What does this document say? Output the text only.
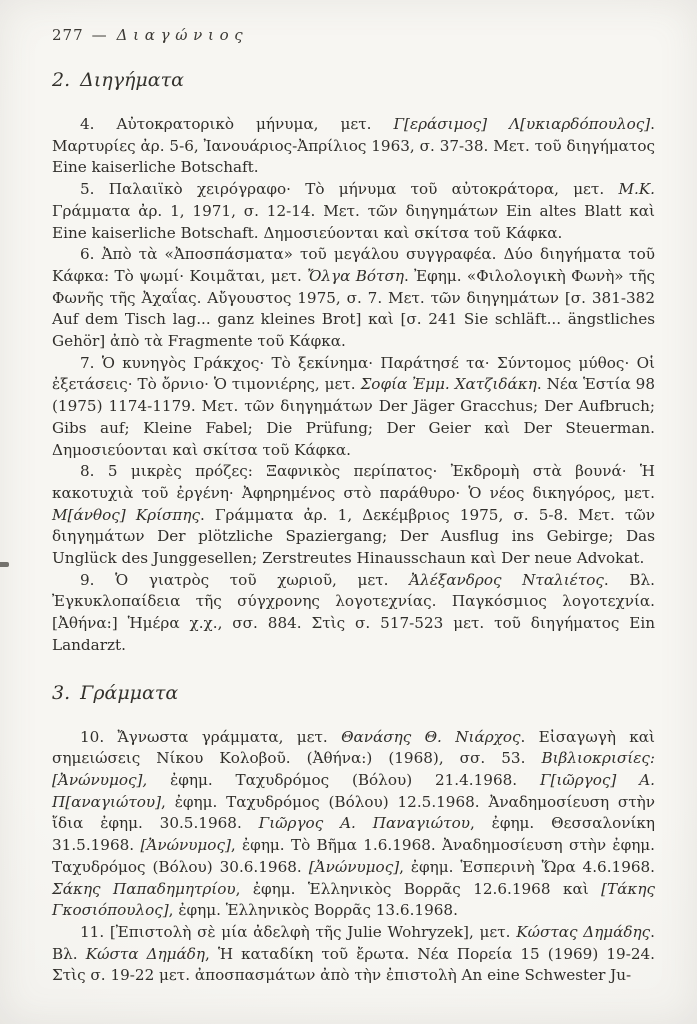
277 — Διαγώνιος

2. Διηγήματα

4. Αὐτοκρατορικὸ μήνυμα, μετ. Γ[εράσιμος] Λ[υκιαρδόπουλος]. Μαρτυρίες ἀρ. 5-6, Ἰανουάριος-Ἀπρίλιος 1963, σ. 37-38. Μετ. τοῦ διηγήματος Eine kaiserliche Botschaft.

5. Παλαιϊκὸ χειρόγραφο· Τὸ μήνυμα τοῦ αὐτοκράτορα, μετ. Μ.Κ. Γράμματα ἀρ. 1, 1971, σ. 12-14. Μετ. τῶν διηγημάτων Ein altes Blatt καὶ Eine kaiserliche Botschaft. Δημοσιεύονται καὶ σκίτσα τοῦ Κάφκα.

6. Ἀπὸ τὰ «Ἀποσπάσματα» τοῦ μεγάλου συγγραφέα. Δύο διηγήματα τοῦ Κάφκα: Τὸ ψωμί· Κοιμᾶται, μετ. Ὄλγα Βότση. Ἐφημ. «Φιλολογικὴ Φωνὴ» τῆς Φωνῆς τῆς Ἀχαΐας. Αὔγουστος 1975, σ. 7. Μετ. τῶν διηγημάτων [σ. 381-382 Auf dem Tisch lag... ganz kleines Brot] καὶ [σ. 241 Sie schläft... ängstliches Gehör] ἀπὸ τὰ Fragmente τοῦ Κάφκα.

7. Ὁ κυνηγὸς Γράκχος· Τὸ ξεκίνημα· Παράτησέ τα· Σύντομος μύθος· Οἱ ἐξετάσεις· Τὸ ὄρνιο· Ὁ τιμονιέρης, μετ. Σοφία Ἐμμ. Χατζιδάκη. Νέα Ἑστία 98 (1975) 1174-1179. Μετ. τῶν διηγημάτων Der Jäger Gracchus; Der Aufbruch; Gibs auf; Kleine Fabel; Die Prüfung; Der Geier καὶ Der Steuerman. Δημοσιεύονται καὶ σκίτσα τοῦ Κάφκα.

8. 5 μικρὲς πρόζες: Ξαφνικὸς περίπατος· Ἐκδρομὴ στὰ βουνά· Ἡ κακοτυχιὰ τοῦ ἐργένη· Ἀφηρημένος στὸ παράθυρο· Ὁ νέος δικηγόρος, μετ. Μ[άνθος] Κρίσπης. Γράμματα ἀρ. 1, Δεκέμβριος 1975, σ. 5-8. Μετ. τῶν διηγημάτων Der plötzliche Spaziergang; Der Ausflug ins Gebirge; Das Unglück des Junggesellen; Zerstreutes Hinausschaun καὶ Der neue Advokat.

9. Ὁ γιατρὸς τοῦ χωριοῦ, μετ. Ἀλέξανδρος Νταλιέτος. Βλ. Ἐγκυκλοπαίδεια τῆς σύγχρονης λογοτεχνίας. Παγκόσμιος λογοτεχνία. [Ἀθήνα:] Ἡμέρα χ.χ., σσ. 884. Στὶς σ. 517-523 μετ. τοῦ διηγήματος Ein Landarzt.

3. Γράμματα

10. Ἄγνωστα γράμματα, μετ. Θανάσης Θ. Νιάρχος. Εἰσαγωγὴ καὶ σημειώσεις Νίκου Κολοβοῦ. (Ἀθήνα:) (1968), σσ. 53. Βιβλιοκρισίες: [Ἀνώνυμος], ἐφημ. Ταχυδρόμος (Βόλου) 21.4.1968. Γ[ιῶργος] Α. Π[αναγιώτου], ἐφημ. Ταχυδρόμος (Βόλου) 12.5.1968. Ἀναδημοσίευση στὴν ἴδια ἐφημ. 30.5.1968. Γιῶργος Α. Παναγιώτου, ἐφημ. Θεσσαλονίκη 31.5.1968. [Ἀνώνυμος], ἐφημ. Τὸ Βῆμα 1.6.1968. Ἀναδημοσίευση στὴν ἐφημ. Ταχυδρόμος (Βόλου) 30.6.1968. [Ἀνώνυμος], ἐφημ. Ἑσπερινὴ Ὥρα 4.6.1968. Σάκης Παπαδημητρίου, ἐφημ. Ἑλληνικὸς Βορρᾶς 12.6.1968 καὶ [Τάκης Γκοσιόπουλος], ἐφημ. Ἑλληνικὸς Βορρᾶς 13.6.1968.

11. [Ἐπιστολὴ σὲ μία ἀδελφὴ τῆς Julie Wohryzek], μετ. Κώστας Δημάδης. Βλ. Κώστα Δημάδη, Ἡ καταδίκη τοῦ ἔρωτα. Νέα Πορεία 15 (1969) 19-24. Στὶς σ. 19-22 μετ. ἀποσπασμάτων ἀπὸ τὴν ἐπιστολὴ An eine Schwester Ju-
